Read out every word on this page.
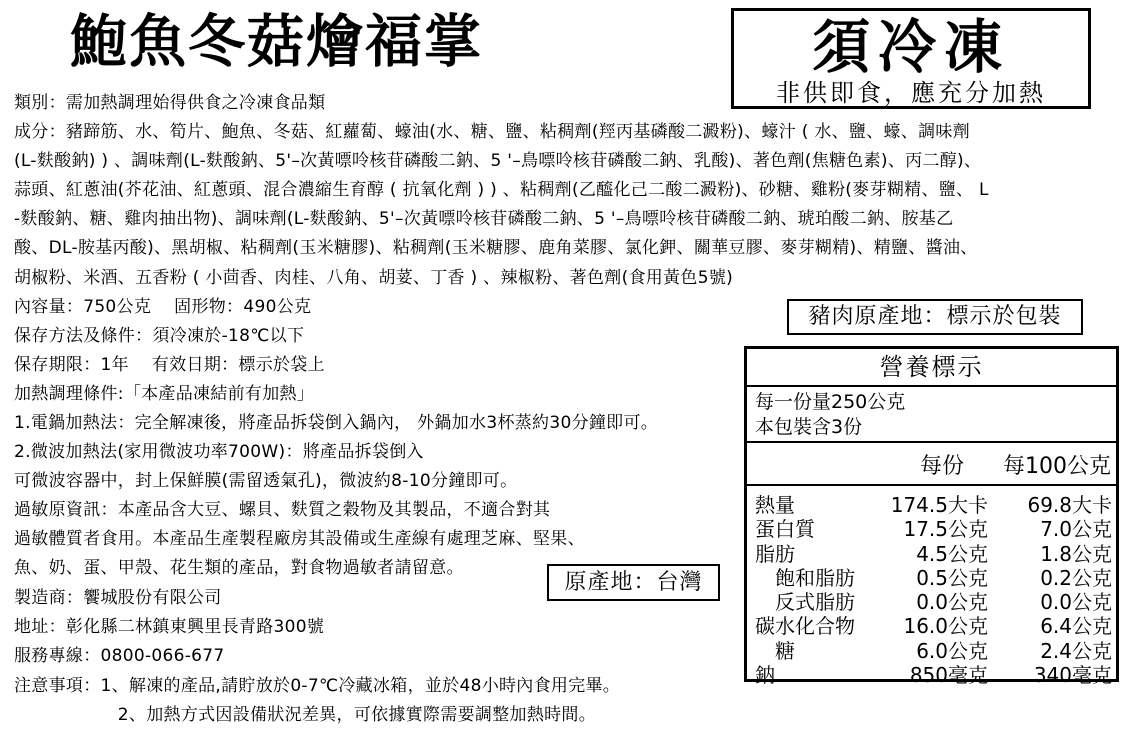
鮑魚冬菇燴福掌	須冷凍
非供即食，應充分加熱
類別：需加熱調理始得供食之冷凍食品類
成分：豬蹄筋、水、筍片、鮑魚、冬菇、紅蘿蔔、蠔油(水、糖、鹽、粘稠劑(羥丙基磷酸二澱粉)、蠔汁 ( 水、鹽、蠔、調味劑
(L-麩酸鈉) ) 、調味劑(L-麩酸鈉、5'–次黃嘌呤核苷磷酸二鈉、5 '–鳥嘌呤核苷磷酸二鈉、乳酸)、著色劑(焦糖色素)、丙二醇)、
蒜頭、紅蔥油(芥花油、紅蔥頭、混合濃縮生育醇 ( 抗氧化劑 ) ) 、粘稠劑(乙醯化己二酸二澱粉)、砂糖、雞粉(麥芽糊精、鹽、 L
-麩酸鈉、糖、雞肉抽出物)、調味劑(L-麩酸鈉、5'–次黃嘌呤核苷磷酸二鈉、5 '–鳥嘌呤核苷磷酸二鈉、琥珀酸二鈉、胺基乙
酸、DL-胺基丙酸)、黑胡椒、粘稠劑(玉米糖膠)、粘稠劑(玉米糖膠、鹿角菜膠、氯化鉀、關華豆膠、麥芽糊精)、精鹽、醬油、
胡椒粉、米酒、五香粉 ( 小茴香、肉桂、八角、胡荽、丁香 ) 、辣椒粉、著色劑(食用黃色5號)
內容量：750公克　 固形物：490公克
保存方法及條件：須冷凍於-18℃以下
保存期限：1年　 有效日期：標示於袋上
加熱調理條件:「本產品凍結前有加熱」
1.電鍋加熱法：完全解凍後，將產品拆袋倒入鍋內， 外鍋加水3杯蒸約30分鐘即可。
2.微波加熱法(家用微波功率700W)：將產品拆袋倒入
可微波容器中，封上保鮮膜(需留透氣孔)，微波約8-10分鐘即可。
過敏原資訊：本產品含大豆、螺貝、麩質之穀物及其製品，不適合對其
過敏體質者食用。本產品生產製程廠房其設備或生產線有處理芝麻、堅果、
魚、奶、蛋、甲殼、花生類的產品，對食物過敏者請留意。
製造商：饗城股份有限公司
地址：彰化縣二林鎮東興里長青路300號
服務專線：0800-066-677
注意事項：1、解凍的產品,請貯放於0-7℃冷藏冰箱，並於48小時內食用完畢。
　　　　　　2、加熱方式因設備狀況差異，可依據實際需要調整加熱時間。
豬肉原產地：標示於包裝
原產地：台灣
營養標示
每一份量250公克
本包裝含3份
每份 每100公克
熱量	174.5大卡 69.8大卡
蛋白質	17.5公克	7.0公克
脂肪	4.5公克	1.8公克
飽和脂肪	0.5公克	0.2公克
反式脂肪	0.0公克	0.0公克
碳水化合物 16.0公克	6.4公克
糖	6.0公克	2.4公克
鈉	850毫克 340毫克
